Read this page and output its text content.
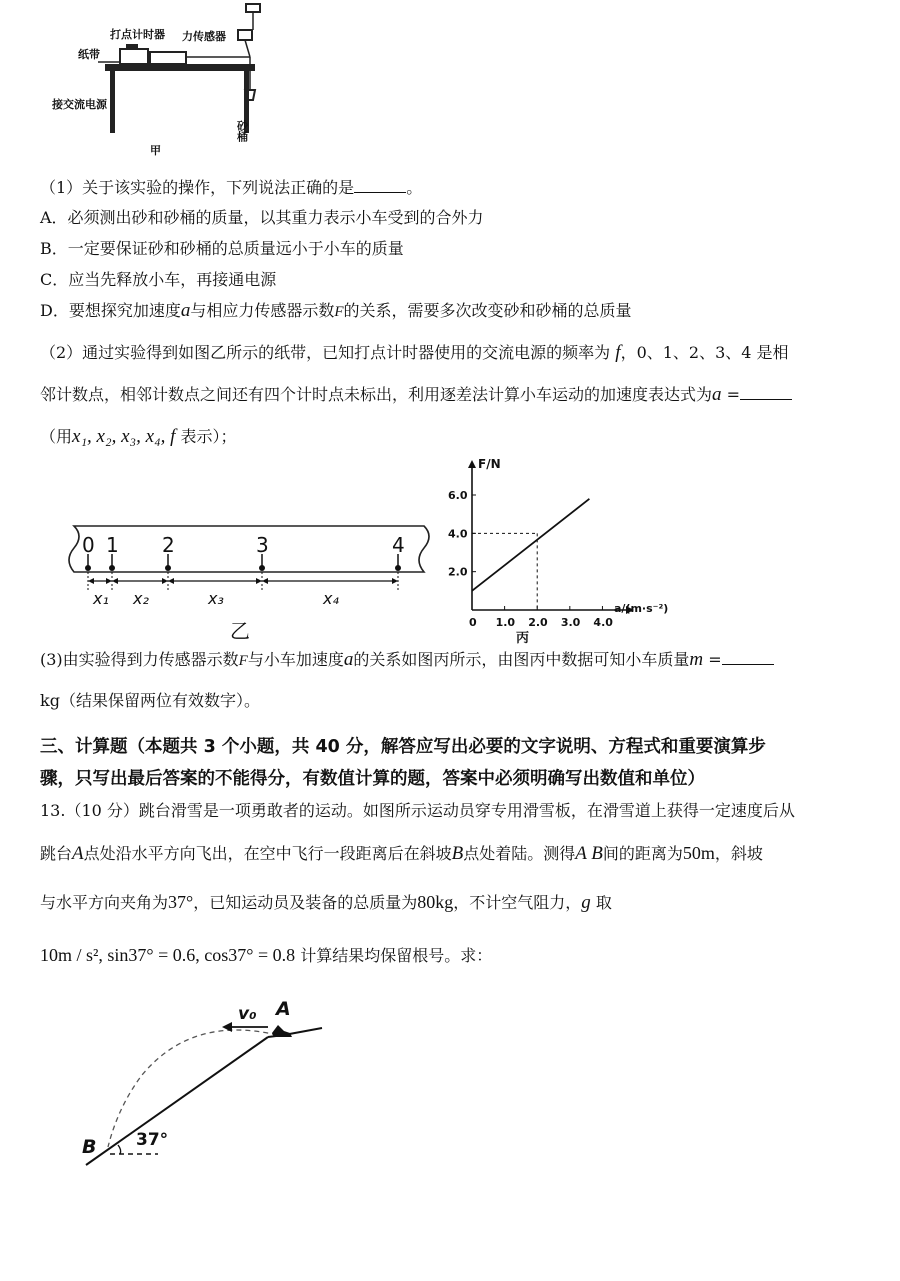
打点计时器
纸带
力传感器
接交流电源
砂桶
甲
（1）关于该实验的操作，下列说法正确的是	。
A．必须测出砂和砂桶的质量，以其重力表示小车受到的合外力
B．一定要保证砂和砂桶的总质量远小于小车的质量
C．应当先释放小车，再接通电源
D．要想探究加速度a与相应力传感器示数F的关系，需要多次改变砂和砂桶的总质量
（2）通过实验得到如图乙所示的纸带，已知打点计时器使用的交流电源的频率为 f，0、1、2、3、4 是相
邻计数点，相邻计数点之间还有四个计时点未标出，利用逐差法计算小车运动的加速度表达式为a =
（用x₁, x₂, x₃, x₄, f 表示）；
0 1 2	3	4
x₁ x₂	x₃	x₄
乙
F/N
a/(m·s⁻²)
0 1.0 2.0 3.0 4.0
2.0
4.0
6.0
丙
(3)由实验得到力传感器示数F与小车加速度a的关系如图丙所示，由图丙中数据可知小车质量m =
kg（结果保留两位有效数字）。
三、计算题（本题共 3 个小题，共 40 分，解答应写出必要的文字说明、方程式和重要演算步
骤，只写出最后答案的不能得分，有数值计算的题，答案中必须明确写出数值和单位）
13.（10 分）跳台滑雪是一项勇敢者的运动。如图所示运动员穿专用滑雪板，在滑雪道上获得一定速度后从
跳台A点处沿水平方向飞出，在空中飞行一段距离后在斜坡B点处着陆。测得A B间的距离为50m，斜坡
与水平方向夹角为37°，已知运动员及装备的总质量为80kg，不计空气阻力，g 取
10m / s², sin37° = 0.6, cos37° = 0.8 计算结果均保留根号。求：
v₀ A
B 37°
